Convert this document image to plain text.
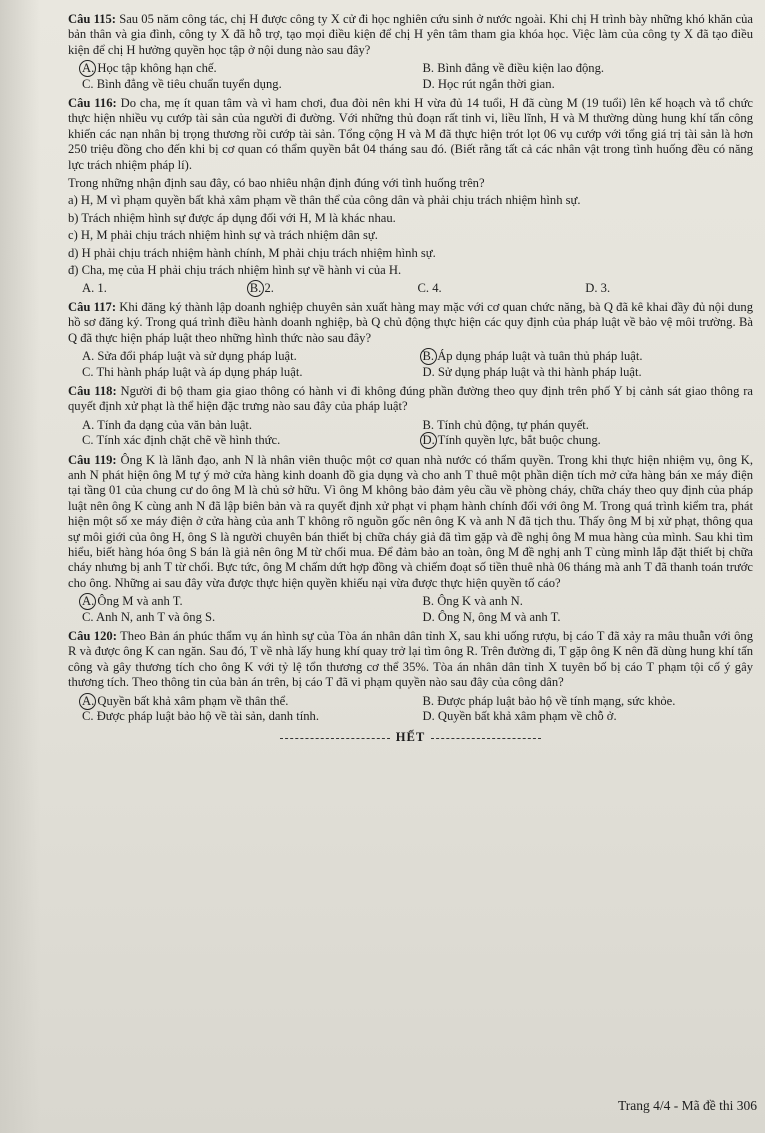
Câu 115: Sau 05 năm công tác, chị H được công ty X cử đi học nghiên cứu sinh ở nước ngoài. Khi chị H trình bày những khó khăn của bản thân và gia đình, công ty X đã hỗ trợ, tạo mọi điều kiện để chị H yên tâm tham gia khóa học. Việc làm của công ty X đã tạo điều kiện để chị H hưởng quyền học tập ở nội dung nào sau đây?

A. Học tập không hạn chế.	B. Bình đẳng về điều kiện lao động.
C. Bình đẳng về tiêu chuẩn tuyển dụng.	D. Học rút ngắn thời gian.

Câu 116: Do cha, mẹ ít quan tâm và vì ham chơi, đua đòi nên khi H vừa đủ 14 tuổi, H đã cùng M (19 tuổi) lên kế hoạch và tổ chức thực hiện nhiều vụ cướp tài sản của người đi đường. Với những thủ đoạn rất tinh vi, liều lĩnh, H và M thường dùng hung khí tấn công khiến các nạn nhân bị trọng thương rồi cướp tài sản. Tổng cộng H và M đã thực hiện trót lọt 06 vụ cướp với tổng giá trị tài sản là hơn 250 triệu đồng cho đến khi bị cơ quan có thẩm quyền bắt 04 tháng sau đó. (Biết rằng tất cả các nhân vật trong tình huống đều có năng lực trách nhiệm pháp lí).

Trong những nhận định sau đây, có bao nhiêu nhận định đúng với tình huống trên?

a) H, M vì phạm quyền bất khả xâm phạm về thân thể của công dân và phải chịu trách nhiệm hình sự.

b) Trách nhiệm hình sự được áp dụng đối với H, M là khác nhau.

c) H, M phải chịu trách nhiệm hình sự và trách nhiệm dân sự.

d) H phải chịu trách nhiệm hành chính, M phải chịu trách nhiệm hình sự.

đ) Cha, mẹ của H phải chịu trách nhiệm hình sự về hành vi của H.

A. 1.	B. 2.	C. 4.	D. 3.

Câu 117: Khi đăng ký thành lập doanh nghiệp chuyên sản xuất hàng may mặc với cơ quan chức năng, bà Q đã kê khai đầy đủ nội dung hồ sơ đăng ký. Trong quá trình điều hành doanh nghiệp, bà Q chủ động thực hiện các quy định của pháp luật về bảo vệ môi trường. Bà Q đã thực hiện pháp luật theo những hình thức nào sau đây?

A. Sửa đổi pháp luật và sử dụng pháp luật.	B. Áp dụng pháp luật và tuân thủ pháp luật.
C. Thi hành pháp luật và áp dụng pháp luật.	D. Sử dụng pháp luật và thi hành pháp luật.

Câu 118: Người đi bộ tham gia giao thông có hành vi đi không đúng phần đường theo quy định trên phố Y bị cảnh sát giao thông ra quyết định xử phạt là thể hiện đặc trưng nào sau đây của pháp luật?

A. Tính đa dạng của văn bản luật.	B. Tính chủ động, tự phán quyết.
C. Tính xác định chặt chẽ về hình thức.	D. Tính quyền lực, bắt buộc chung.

Câu 119: Ông K là lãnh đạo, anh N là nhân viên thuộc một cơ quan nhà nước có thẩm quyền. Trong khi thực hiện nhiệm vụ, ông K, anh N phát hiện ông M tự ý mở cửa hàng kinh doanh đồ gia dụng và cho anh T thuê một phần diện tích mở cửa hàng bán xe máy điện tại tầng 01 của chung cư do ông M là chủ sở hữu. Vì ông M không bảo đảm yêu cầu về phòng cháy, chữa cháy theo quy định của pháp luật nên ông K cùng anh N đã lập biên bản và ra quyết định xử phạt vi phạm hành chính đối với ông M. Trong quá trình kiểm tra, phát hiện một số xe máy điện ở cửa hàng của anh T không rõ nguồn gốc nên ông K và anh N đã tịch thu. Thấy ông M bị xử phạt, thông qua sự môi giới của ông H, ông S là người chuyên bán thiết bị chữa cháy giả đã tìm gặp và đề nghị ông M mua hàng của mình. Sau khi tìm hiểu, biết hàng hóa ông S bán là giả nên ông M từ chối mua. Để đảm bảo an toàn, ông M đề nghị anh T cùng mình lắp đặt thiết bị chữa cháy nhưng bị anh T từ chối. Bực tức, ông M chấm dứt hợp đồng và chiếm đoạt số tiền thuê nhà 06 tháng mà anh T đã thanh toán trước cho ông. Những ai sau đây vừa được thực hiện quyền khiếu nại vừa được thực hiện quyền tố cáo?

A. Ông M và anh T.	B. Ông K và anh N.
C. Anh N, anh T và ông S.	D. Ông N, ông M và anh T.

Câu 120: Theo Bản án phúc thẩm vụ án hình sự của Tòa án nhân dân tỉnh X, sau khi uống rượu, bị cáo T đã xảy ra mâu thuẫn với ông R và được ông K can ngăn. Sau đó, T về nhà lấy hung khí quay trở lại tìm ông R. Trên đường đi, T gặp ông K nên đã dùng hung khí tấn công và gây thương tích cho ông K với tỷ lệ tổn thương cơ thể 35%. Tòa án nhân dân tỉnh X tuyên bố bị cáo T phạm tội cố ý gây thương tích. Theo thông tin của bản án trên, bị cáo T đã vi phạm quyền nào sau đây của công dân?

A. Quyền bất khả xâm phạm về thân thể.	B. Được pháp luật bảo hộ về tính mạng, sức khỏe.
C. Được pháp luật bảo hộ về tài sản, danh tính.	D. Quyền bất khả xâm phạm về chỗ ở.
HẾT
Trang 4/4 - Mã đề thi 306
